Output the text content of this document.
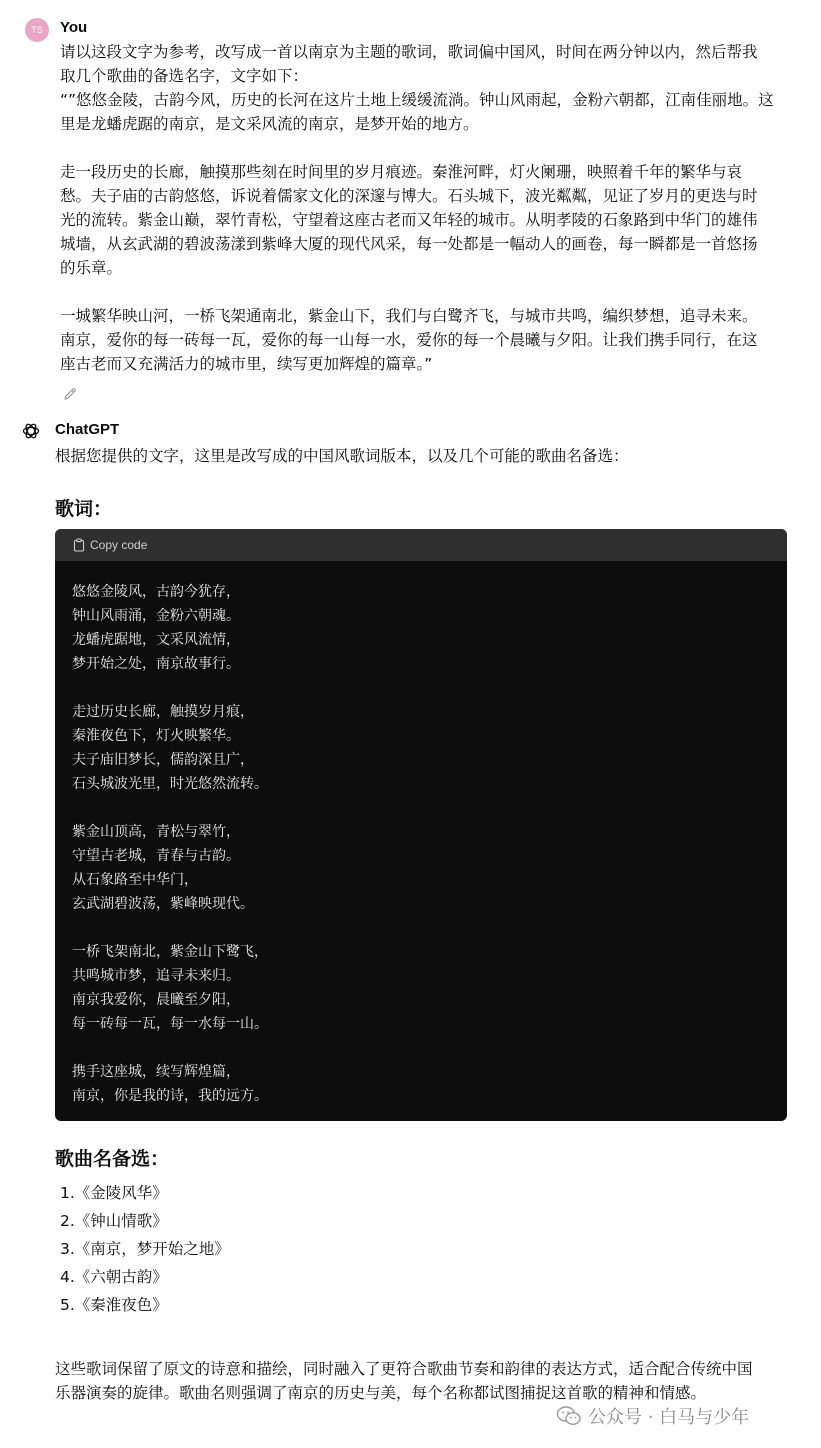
TS	You

请以这段文字为参考，改写成一首以南京为主题的歌词，歌词偏中国风，时间在两分钟以内，然后帮我
取几个歌曲的备选名字，文字如下：
“”悠悠金陵，古韵今风，历史的长河在这片土地上缓缓流淌。钟山风雨起，金粉六朝都，江南佳丽地。这
里是龙蟠虎踞的南京，是文采风流的南京，是梦开始的地方。

走一段历史的长廊，触摸那些刻在时间里的岁月痕迹。秦淮河畔，灯火阑珊，映照着千年的繁华与哀
愁。夫子庙的古韵悠悠，诉说着儒家文化的深邃与博大。石头城下，波光粼粼，见证了岁月的更迭与时
光的流转。紫金山巅，翠竹青松，守望着这座古老而又年轻的城市。从明孝陵的石象路到中华门的雄伟
城墙，从玄武湖的碧波荡漾到紫峰大厦的现代风采，每一处都是一幅动人的画卷，每一瞬都是一首悠扬
的乐章。

一城繁华映山河，一桥飞架通南北，紫金山下，我们与白鹭齐飞，与城市共鸣，编织梦想，追寻未来。
南京，爱你的每一砖每一瓦，爱你的每一山每一水，爱你的每一个晨曦与夕阳。让我们携手同行，在这
座古老而又充满活力的城市里，续写更加辉煌的篇章。”

ChatGPT
根据您提供的文字，这里是改写成的中国风歌词版本，以及几个可能的歌曲名备选：
歌词：
Copy code
悠悠金陵风，古韵今犹存，
钟山风雨涌，金粉六朝魂。
龙蟠虎踞地，文采风流情，
梦开始之处，南京故事行。
走过历史长廊，触摸岁月痕，
秦淮夜色下，灯火映繁华。
夫子庙旧梦长，儒韵深且广，
石头城波光里，时光悠然流转。
紫金山顶高，青松与翠竹，
守望古老城，青春与古韵。
从石象路至中华门，
玄武湖碧波荡，紫峰映现代。
一桥飞架南北，紫金山下鹭飞，
共鸣城市梦，追寻未来归。
南京我爱你，晨曦至夕阳，
每一砖每一瓦，每一水每一山。
携手这座城，续写辉煌篇，
南京，你是我的诗，我的远方。
歌曲名备选：
1.《金陵风华》
2.《钟山情歌》
3.《南京，梦开始之地》
4.《六朝古韵》
5.《秦淮夜色》
这些歌词保留了原文的诗意和描绘，同时融入了更符合歌曲节奏和韵律的表达方式，适合配合传统中国
乐器演奏的旋律。歌曲名则强调了南京的历史与美，每个名称都试图捕捉这首歌的精神和情感。
公众号 · 白马与少年
